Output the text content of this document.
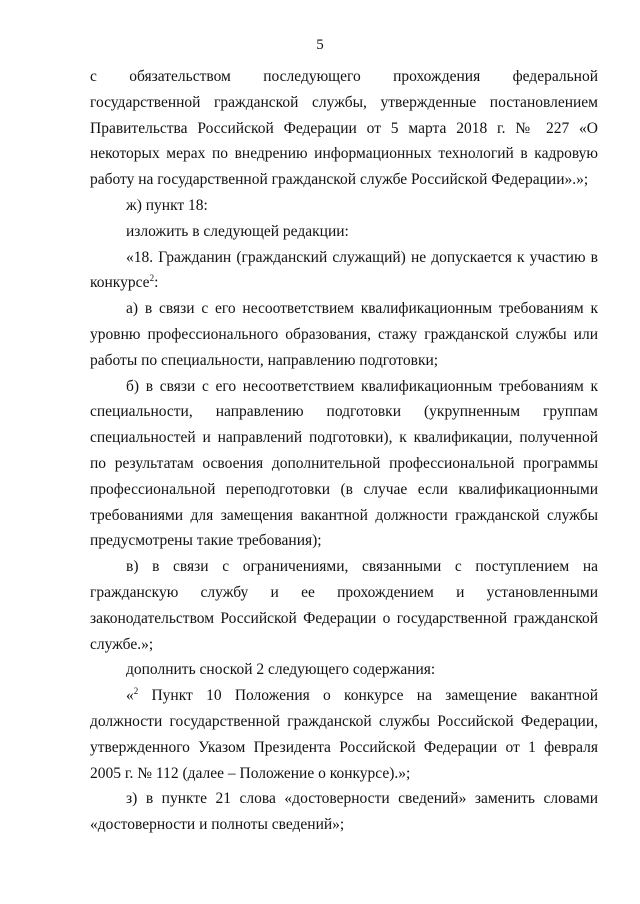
5

с обязательством последующего прохождения федеральной государственной гражданской службы, утвержденные постановлением Правительства Российской Федерации от 5 марта 2018 г. № 227 «О некоторых мерах по внедрению информационных технологий в кадровую работу на государственной гражданской службе Российской Федерации».»;

ж) пункт 18:

изложить в следующей редакции:

«18. Гражданин (гражданский служащий) не допускается к участию в конкурсе$^2$:

а) в связи с его несоответствием квалификационным требованиям к уровню профессионального образования, стажу гражданской службы или работы по специальности, направлению подготовки;

б) в связи с его несоответствием квалификационным требованиям к специальности, направлению подготовки (укрупненным группам специальностей и направлений подготовки), к квалификации, полученной по результатам освоения дополнительной профессиональной программы профессиональной переподготовки (в случае если квалификационными требованиями для замещения вакантной должности гражданской службы предусмотрены такие требования);

в) в связи с ограничениями, связанными с поступлением на гражданскую службу и ее прохождением и установленными законодательством Российской Федерации о государственной гражданской службе.»;

дополнить сноской 2 следующего содержания:

«$^2$ Пункт 10 Положения о конкурсе на замещение вакантной должности государственной гражданской службы Российской Федерации, утвержденного Указом Президента Российской Федерации от 1 февраля 2005 г. № 112 (далее – Положение о конкурсе).»;

з) в пункте 21 слова «достоверности сведений» заменить словами «достоверности и полноты сведений»;
